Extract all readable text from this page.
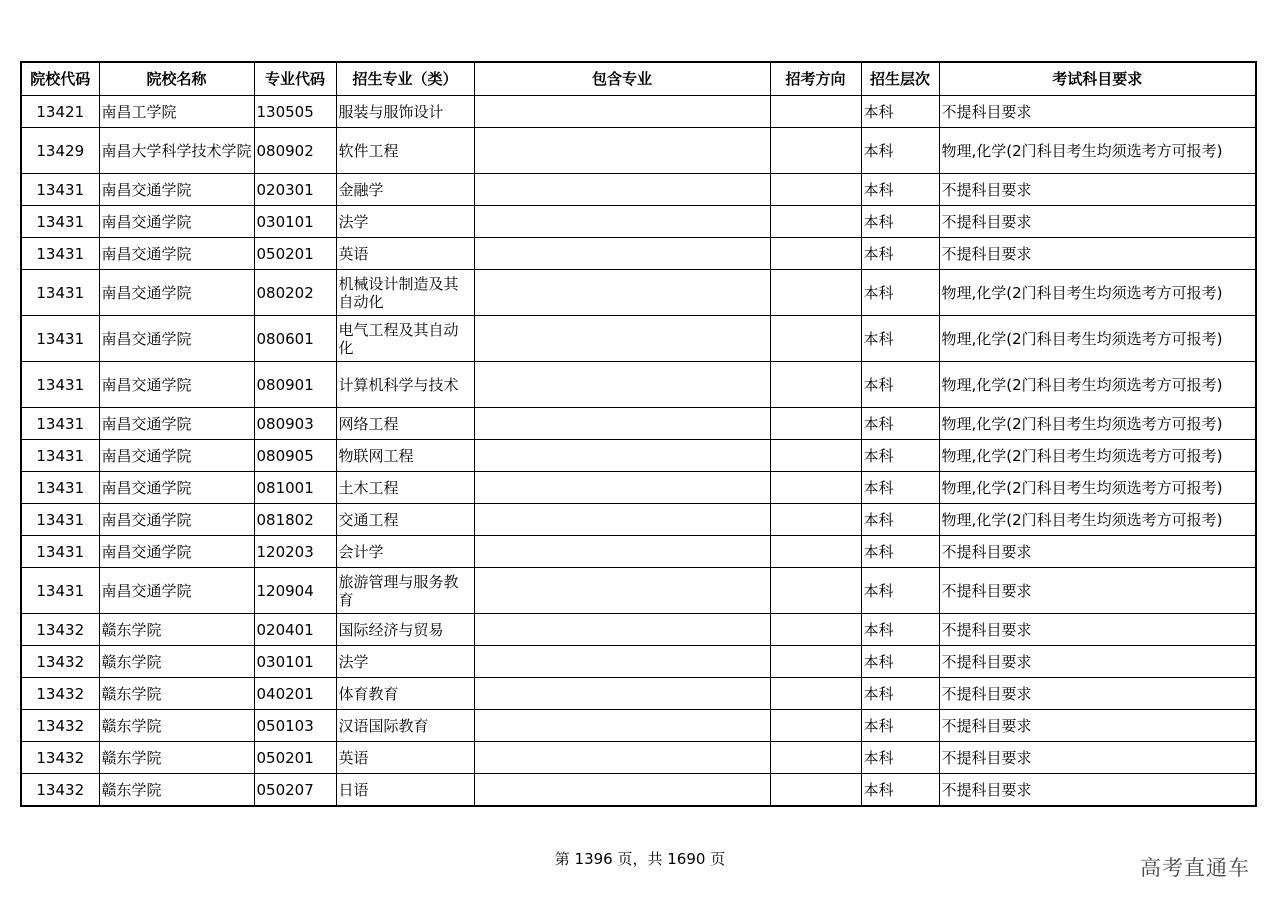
院校代码	院校名称	专业代码	招生专业（类）	包含专业	招考方向	招生层次	考试科目要求
13421	南昌工学院	130505	服装与服饰设计			本科	不提科目要求
13429	南昌大学科学技术学院	080902	软件工程			本科	物理,化学(2门科目考生均须选考方可报考)
13431	南昌交通学院	020301	金融学			本科	不提科目要求
13431	南昌交通学院	030101	法学			本科	不提科目要求
13431	南昌交通学院	050201	英语			本科	不提科目要求
13431	南昌交通学院	080202	机械设计制造及其自动化			本科	物理,化学(2门科目考生均须选考方可报考)
13431	南昌交通学院	080601	电气工程及其自动化			本科	物理,化学(2门科目考生均须选考方可报考)
13431	南昌交通学院	080901	计算机科学与技术			本科	物理,化学(2门科目考生均须选考方可报考)
13431	南昌交通学院	080903	网络工程			本科	物理,化学(2门科目考生均须选考方可报考)
13431	南昌交通学院	080905	物联网工程			本科	物理,化学(2门科目考生均须选考方可报考)
13431	南昌交通学院	081001	土木工程			本科	物理,化学(2门科目考生均须选考方可报考)
13431	南昌交通学院	081802	交通工程			本科	物理,化学(2门科目考生均须选考方可报考)
13431	南昌交通学院	120203	会计学			本科	不提科目要求
13431	南昌交通学院	120904	旅游管理与服务教育			本科	不提科目要求
13432	赣东学院	020401	国际经济与贸易			本科	不提科目要求
13432	赣东学院	030101	法学			本科	不提科目要求
13432	赣东学院	040201	体育教育			本科	不提科目要求
13432	赣东学院	050103	汉语国际教育			本科	不提科目要求
13432	赣东学院	050201	英语			本科	不提科目要求
13432	赣东学院	050207	日语			本科	不提科目要求
第 1396 页，共 1690 页	高考直通车
